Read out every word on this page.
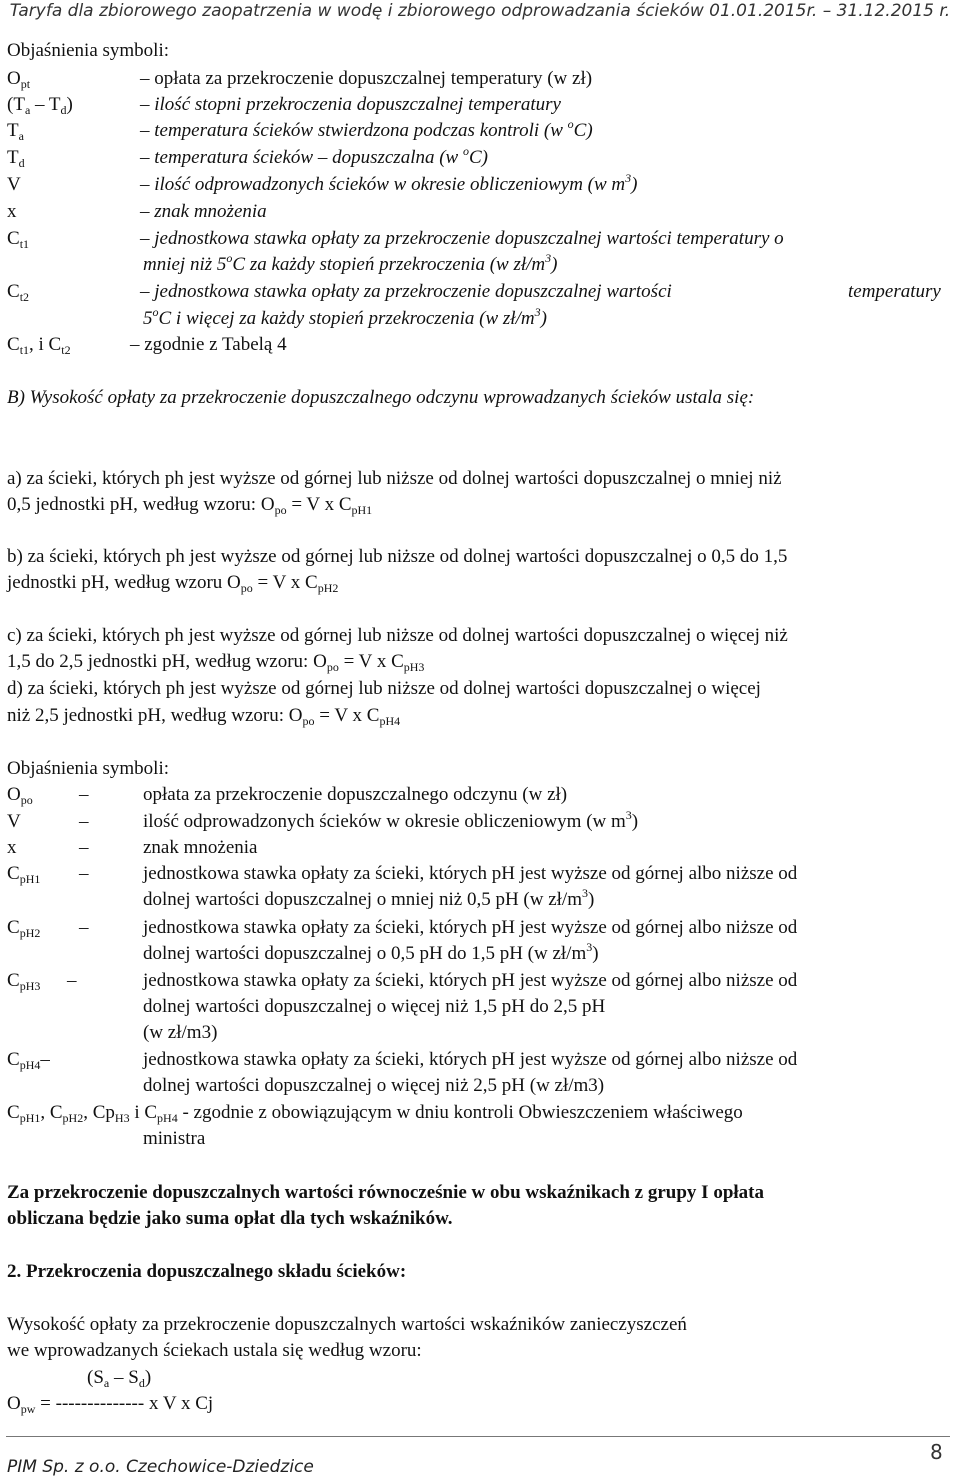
Taryfa dla zbiorowego zaopatrzenia w wodę i zbiorowego odprowadzania ścieków 01.01.2015r. – 31.12.2015 r.
Objaśnienia symboli:
$O_{pt}$	– opłata za przekroczenie dopuszczalnej temperatury (w zł)
$(T_a - T_d)$	– ilość stopni przekroczenia dopuszczalnej temperatury
$T_a$	– temperatura ścieków stwierdzona podczas kontroli (w $^o$C)
$T_d$	– temperatura ścieków – dopuszczalna (w $^o$C)
V	– ilość odprowadzonych ścieków w okresie obliczeniowym (w $m^3$)
x	– znak mnożenia
$C_{t1}$	– jednostkowa stawka opłaty za przekroczenie dopuszczalnej wartości temperatury o
mniej niż 5$^o$C za każdy stopień przekroczenia (w $zł/m^3$)
$C_{t2}$	– jednostkowa stawka opłaty za przekroczenie dopuszczalnej wartości	temperatury
5$^o$C i więcej za każdy stopień przekroczenia (w $zł/m^3$)
$C_{t1}$, i $C_{t2}$	– zgodnie z Tabelą 4
B) Wysokość opłaty za przekroczenie dopuszczalnego odczynu wprowadzanych ścieków ustala się:
a) za ścieki, których ph jest wyższe od górnej lub niższe od dolnej wartości dopuszczalnej o mniej niż
0,5 jednostki pH, według wzoru: $O_{po} = V$ x $C_{pH1}$
b) za ścieki, których ph jest wyższe od górnej lub niższe od dolnej wartości dopuszczalnej o 0,5 do 1,5
jednostki pH, według wzoru $O_{po} = V$ x $C_{pH2}$
c) za ścieki, których ph jest wyższe od górnej lub niższe od dolnej wartości dopuszczalnej o więcej niż
1,5 do 2,5 jednostki pH, według wzoru: $O_{po} = V$ x $C_{pH3}$
d) za ścieki, których ph jest wyższe od górnej lub niższe od dolnej wartości dopuszczalnej o więcej
niż 2,5 jednostki pH, według wzoru: $O_{po} = V$ x $C_{pH4}$
Objaśnienia symboli:
$O_{po}$ –	opłata za przekroczenie dopuszczalnego odczynu (w zł)
V	–	ilość odprowadzonych ścieków w okresie obliczeniowym (w $m^3$)
x	–	znak mnożenia
$C_{pH1}$ –	jednostkowa stawka opłaty za ścieki, których pH jest wyższe od górnej albo niższe od
dolnej wartości dopuszczalnej o mniej niż 0,5 pH (w $zł/m^3$)
$C_{pH2}$ –	jednostkowa stawka opłaty za ścieki, których pH jest wyższe od górnej albo niższe od
dolnej wartości dopuszczalnej o 0,5 pH do 1,5 pH (w $zł/m^3$)
$C_{pH3}$ –	jednostkowa stawka opłaty za ścieki, których pH jest wyższe od górnej albo niższe od
dolnej wartości dopuszczalnej o więcej niż 1,5 pH do 2,5 pH
(w zł/m3)
$C_{pH4}-$	jednostkowa stawka opłaty za ścieki, których pH jest wyższe od górnej albo niższe od
dolnej wartości dopuszczalnej o więcej niż 2,5 pH (w zł/m3)
$C_{pH1}$, $C_{pH2}$, $Cp_{H3}$ i $C_{pH4}$ - zgodnie z obowiązującym w dniu kontroli Obwieszczeniem właściwego
ministra
Za przekroczenie dopuszczalnych wartości równocześnie w obu wskaźnikach z grupy I opłata
obliczana będzie jako suma opłat dla tych wskaźników.
2. Przekroczenia dopuszczalnego składu ścieków:
Wysokość opłaty za przekroczenie dopuszczalnych wartości wskaźników zanieczyszczeń
we wprowadzanych ściekach ustala się według wzoru:
$(S_a - S_d)$
$O_{pw}$ = -------------- x V x Cj
PIM Sp. z o.o. Czechowice-Dziedzice
8
